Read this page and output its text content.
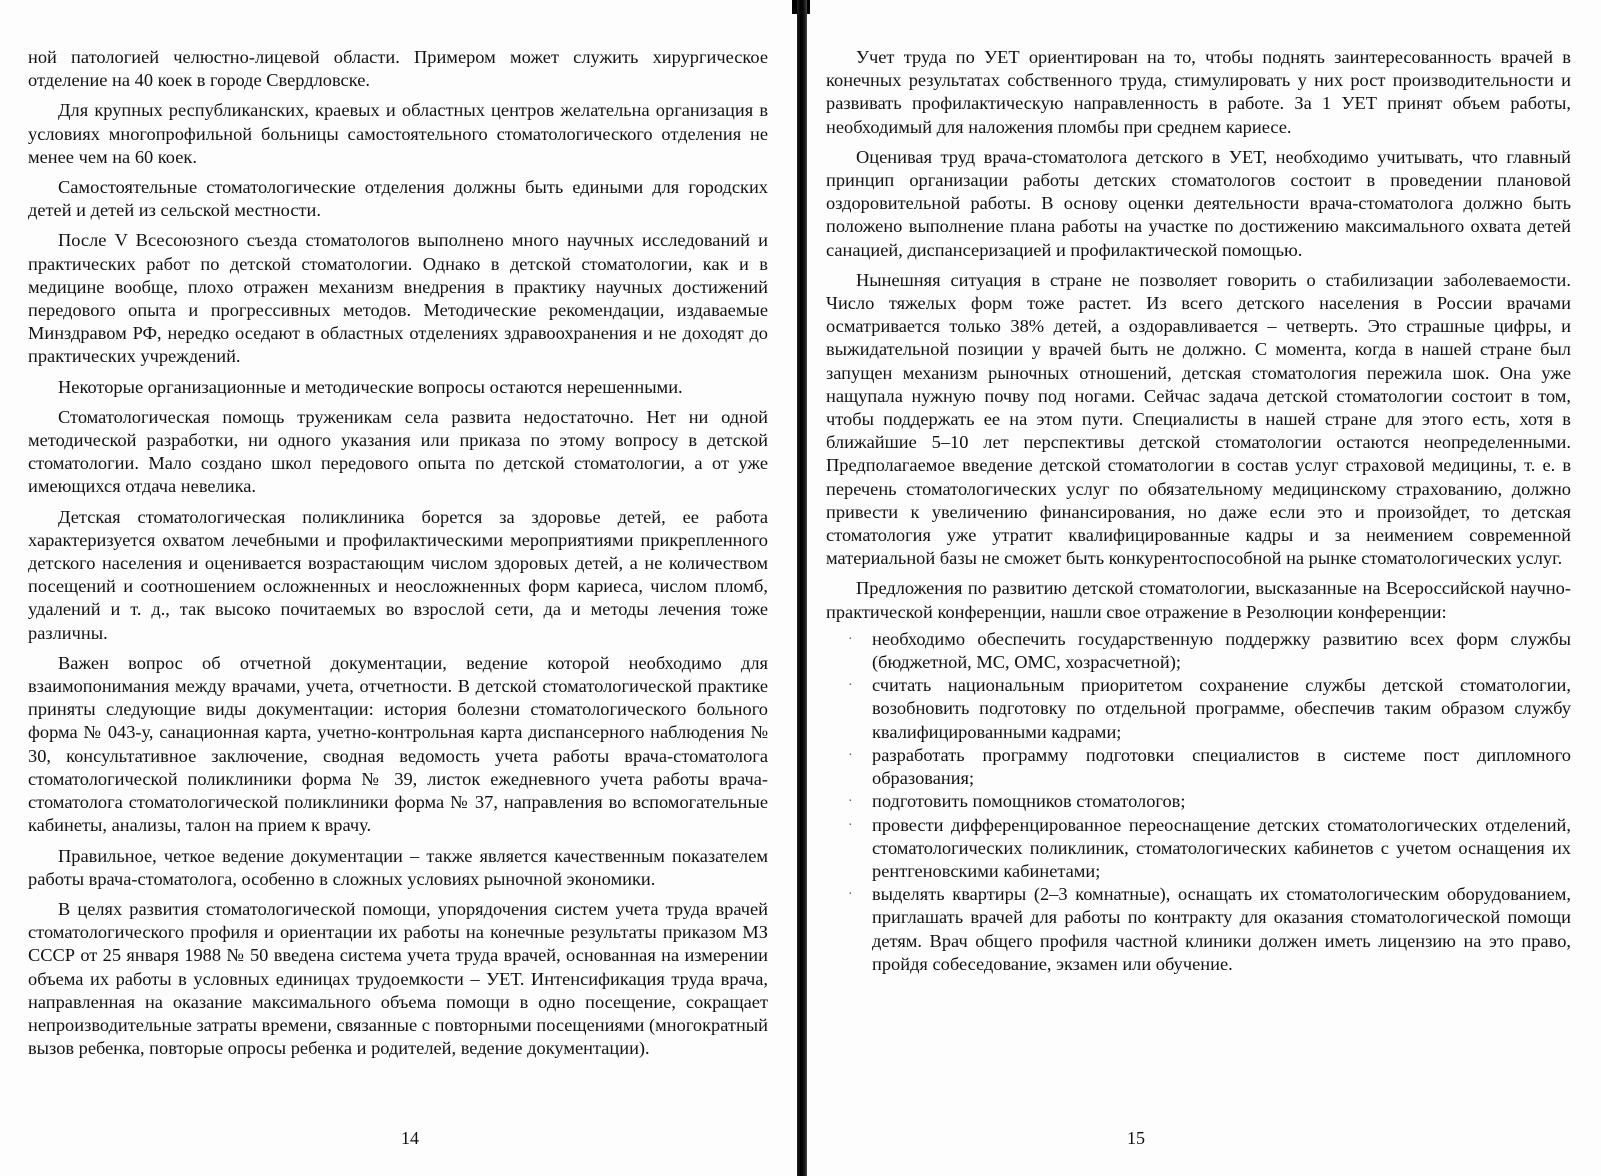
ной патологией челюстно-лицевой области. Примером может служить хирургическое отделение на 40 коек в городе Свердловске.

Для крупных республиканских, краевых и областных центров желательна организация в условиях многопрофильной больницы самостоятельного стоматологического отделения не менее чем на 60 коек.

Самостоятельные стоматологические отделения должны быть едиными для городских детей и детей из сельской местности.

После V Всесоюзного съезда стоматологов выполнено много научных исследований и практических работ по детской стоматологии. Однако в детской стоматологии, как и в медицине вообще, плохо отражен механизм внедрения в практику научных достижений передового опыта и прогрессивных методов. Методические рекомендации, издаваемые Минздравом РФ, нередко оседают в областных отделениях здравоохранения и не доходят до практических учреждений.

Некоторые организационные и методические вопросы остаются нерешенными.

Стоматологическая помощь труженикам села развита недостаточно. Нет ни одной методической разработки, ни одного указания или приказа по этому вопросу в детской стоматологии. Мало создано школ передового опыта по детской стоматологии, а от уже имеющихся отдача невелика.

Детская стоматологическая поликлиника борется за здоровье детей, ее работа характеризуется охватом лечебными и профилактическими мероприятиями прикрепленного детского населения и оценивается возрастающим числом здоровых детей, а не количеством посещений и соотношением осложненных и неосложненных форм кариеса, числом пломб, удалений и т. д., так высоко почитаемых во взрослой сети, да и методы лечения тоже различны.

Важен вопрос об отчетной документации, ведение которой необходимо для взаимопонимания между врачами, учета, отчетности. В детской стоматологической практике приняты следующие виды документации: история болезни стоматологического больного форма № 043-у, санационная карта, учетно-контрольная карта диспансерного наблюдения № 30, консультативное заключение, сводная ведомость учета работы врача-стоматолога стоматологической поликлиники форма № 39, листок ежедневного учета работы врача-стоматолога стоматологической поликлиники форма № 37, направления во вспомогательные кабинеты, анализы, талон на прием к врачу.

Правильное, четкое ведение документации – также является качественным показателем работы врача-стоматолога, особенно в сложных условиях рыночной экономики.

В целях развития стоматологической помощи, упорядочения систем учета труда врачей стоматологического профиля и ориентации их работы на конечные результаты приказом МЗ СССР от 25 января 1988 № 50 введена система учета труда врачей, основанная на измерении объема их работы в условных единицах трудоемкости – УЕТ. Интенсификация труда врача, направленная на оказание максимального объема помощи в одно посещение, сокращает непроизводительные затраты времени, связанные с повторными посещениями (многократный вызов ребенка, повторые опросы ребенка и родителей, ведение документации).

14

Учет труда по УЕТ ориентирован на то, чтобы поднять заинтересованность врачей в конечных результатах собственного труда, стимулировать у них рост производительности и развивать профилактическую направленность в работе. За 1 УЕТ принят объем работы, необходимый для наложения пломбы при среднем кариесе.

Оценивая труд врача-стоматолога детского в УЕТ, необходимо учитывать, что главный принцип организации работы детских стоматологов состоит в проведении плановой оздоровительной работы. В основу оценки деятельности врача-стоматолога должно быть положено выполнение плана работы на участке по достижению максимального охвата детей санацией, диспансеризацией и профилактической помощью.

Нынешняя ситуация в стране не позволяет говорить о стабилизации заболеваемости. Число тяжелых форм тоже растет. Из всего детского населения в России врачами осматривается только 38% детей, а оздоравливается – четверть. Это страшные цифры, и выжидательной позиции у врачей быть не должно. С момента, когда в нашей стране был запущен механизм рыночных отношений, детская стоматология пережила шок. Она уже нащупала нужную почву под ногами. Сейчас задача детской стоматологии состоит в том, чтобы поддержать ее на этом пути. Специалисты в нашей стране для этого есть, хотя в ближайшие 5–10 лет перспективы детской стоматологии остаются неопределенными. Предполагаемое введение детской стоматологии в состав услуг страховой медицины, т. е. в перечень стоматологических услуг по обязательному медицинскому страхованию, должно привести к увеличению финансирования, но даже если это и произойдет, то детская стоматология уже утратит квалифицированные кадры и за неимением современной материальной базы не сможет быть конкурентоспособной на рынке стоматологических услуг.

Предложения по развитию детской стоматологии, высказанные на Всероссийской научно-практической конференции, нашли свое отражение в Резолюции конференции:

· необходимо обеспечить государственную поддержку развитию всех форм службы (бюджетной, МС, ОМС, хозрасчетной);
· считать национальным приоритетом сохранение службы детской стоматологии, возобновить подготовку по отдельной программе, обеспечив таким образом службу квалифицированными кадрами;
· разработать программу подготовки специалистов в системе пост дипломного образования;
· подготовить помощников стоматологов;
· провести дифференцированное переоснащение детских стоматологических отделений, стоматологических поликлиник, стоматологических кабинетов с учетом оснащения их рентгеновскими кабинетами;
· выделять квартиры (2–3 комнатные), оснащать их стоматологическим оборудованием, приглашать врачей для работы по контракту для оказания стоматологической помощи детям. Врач общего профиля частной клиники должен иметь лицензию на это право, пройдя собеседование, экзамен или обучение.
15
